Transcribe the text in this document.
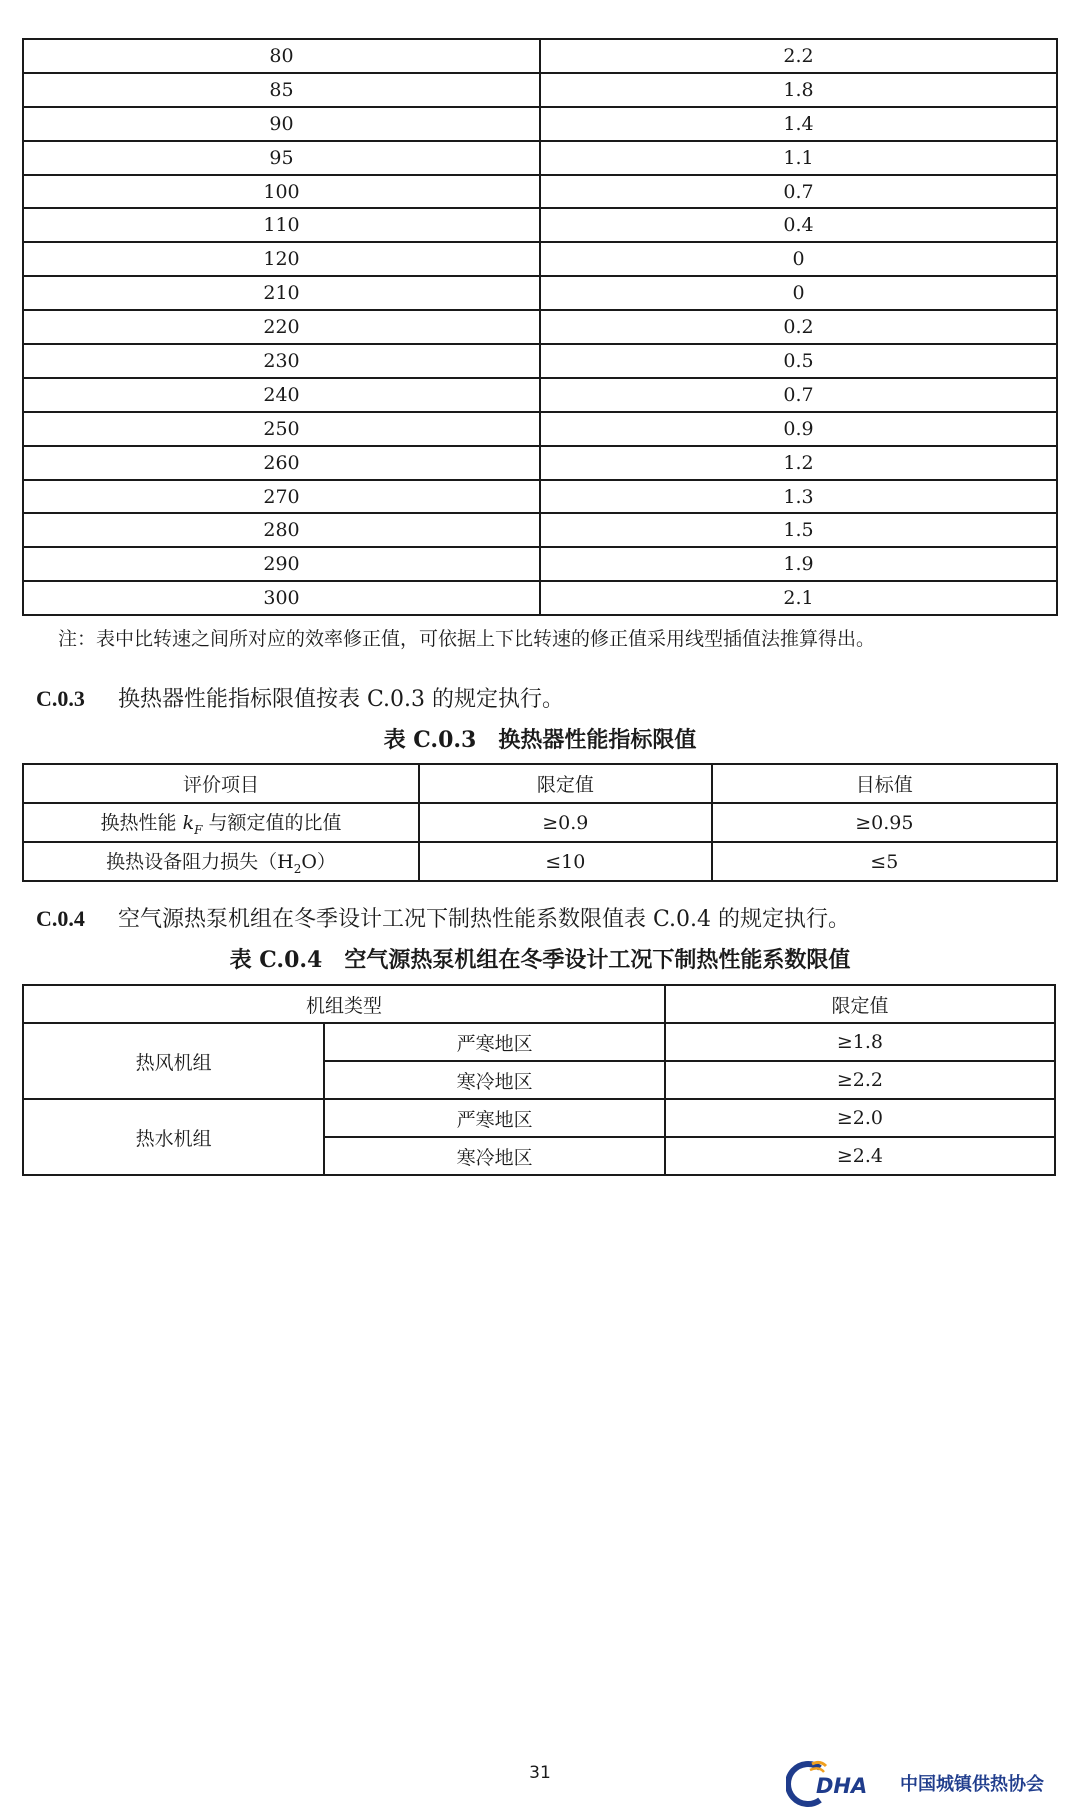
80	2.2
85	1.8
90	1.4
95	1.1
100	0.7
110	0.4
120	0
210	0
220	0.2
230	0.5
240	0.7
250	0.9
260	1.2
270	1.3
280	1.5
290	1.9
300	2.1
注：表中比转速之间所对应的效率修正值，可依据上下比转速的修正值采用线型插值法推算得出。
C.0.3 换热器性能指标限值按表 C.0.3 的规定执行。
表 C.0.3　换热器性能指标限值
评价项目	限定值	目标值
换热性能 $k_F$ 与额定值的比值	≥0.9	≥0.95
换热设备阻力损失$(H_2O)$	≤10	≤5
C.0.4 空气源热泵机组在冬季设计工况下制热性能系数限值表 C.0.4 的规定执行。
表 C.0.4　空气源热泵机组在冬季设计工况下制热性能系数限值
机组类型		限定值
热风机组	严寒地区	≥1.8
	寒冷地区	≥2.2
热水机组	严寒地区	≥2.0
	寒冷地区	≥2.4
31
DHA 中国城镇供热协会
